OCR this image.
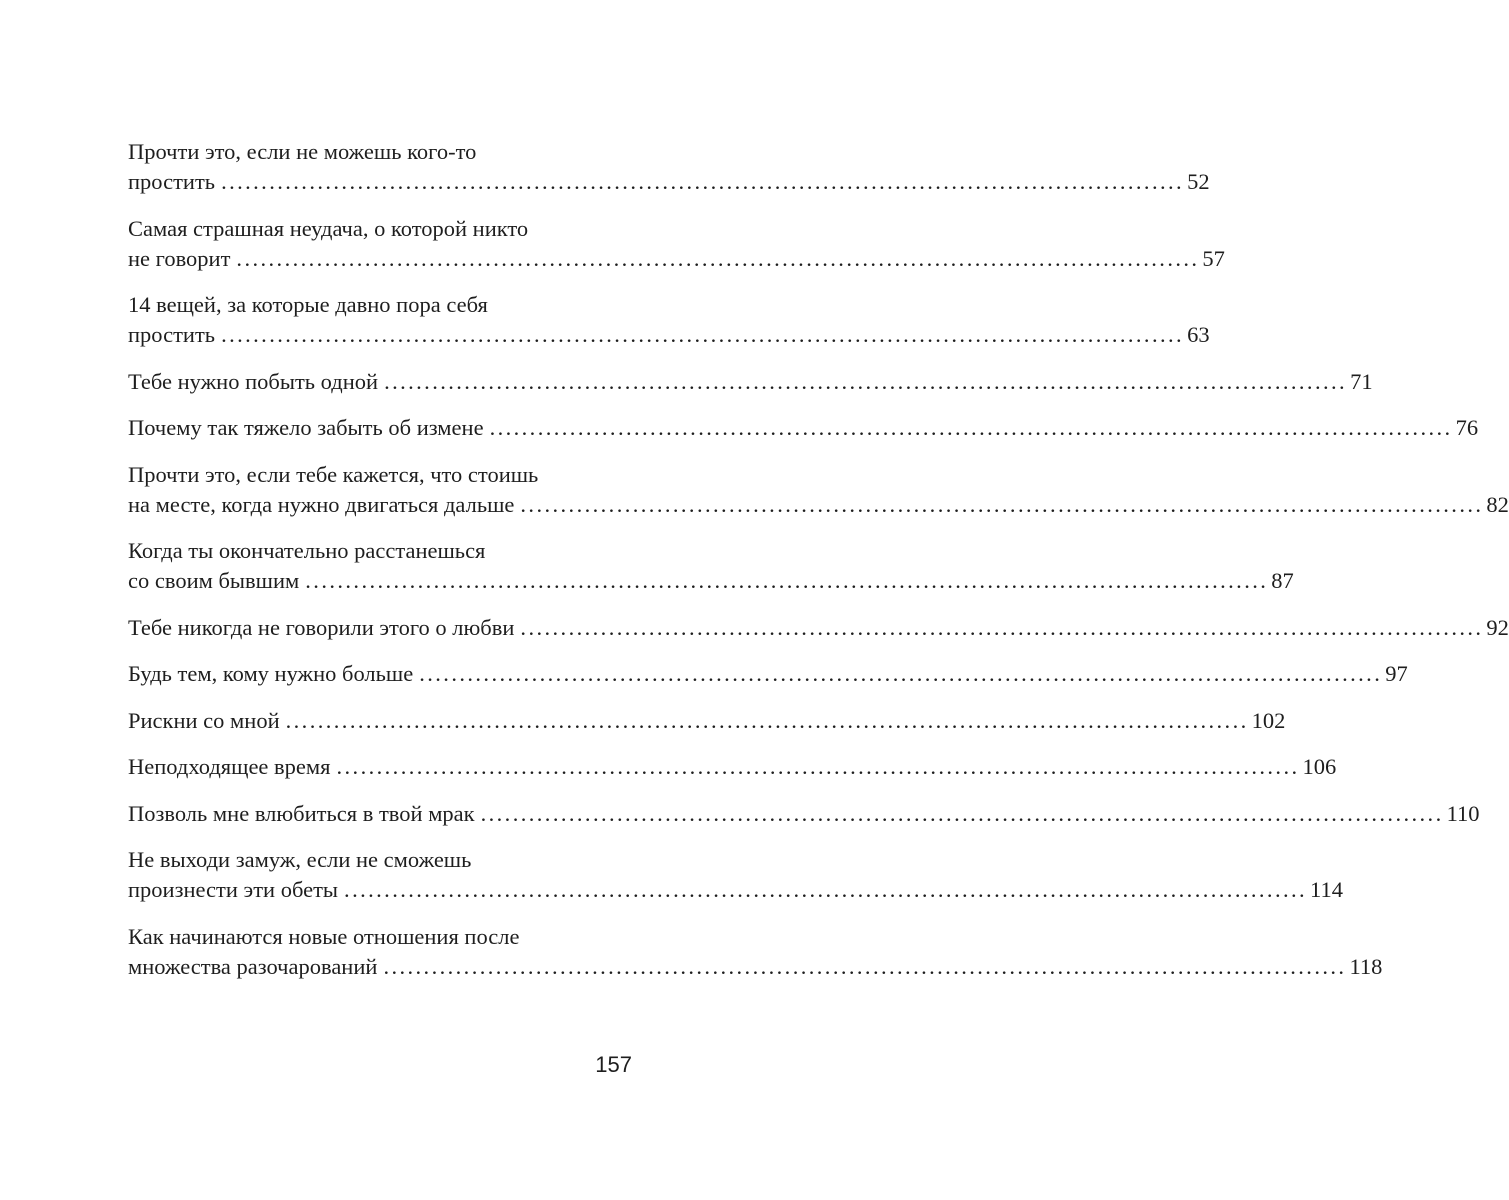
Прочти это, если не можешь кого-то
простить ........................................................................................................................ 52
Самая страшная неудача, о которой никто
не говорит ........................................................................................................................ 57
14 вещей, за которые давно пора себя
простить ........................................................................................................................ 63
Тебе нужно побыть одной ........................................................................................................................ 71
Почему так тяжело забыть об измене ........................................................................................................................ 76
Прочти это, если тебе кажется, что стоишь
на месте, когда нужно двигаться дальше ........................................................................................................................ 82
Когда ты окончательно расстанешься
со своим бывшим ........................................................................................................................ 87
Тебе никогда не говорили этого о любви ........................................................................................................................ 92
Будь тем, кому нужно больше ........................................................................................................................ 97
Рискни со мной ........................................................................................................................ 102
Неподходящее время ........................................................................................................................ 106
Позволь мне влюбиться в твой мрак ........................................................................................................................ 110
Не выходи замуж, если не сможешь
произнести эти обеты ........................................................................................................................ 114
Как начинаются новые отношения после
множества разочарований ........................................................................................................................ 118
157
